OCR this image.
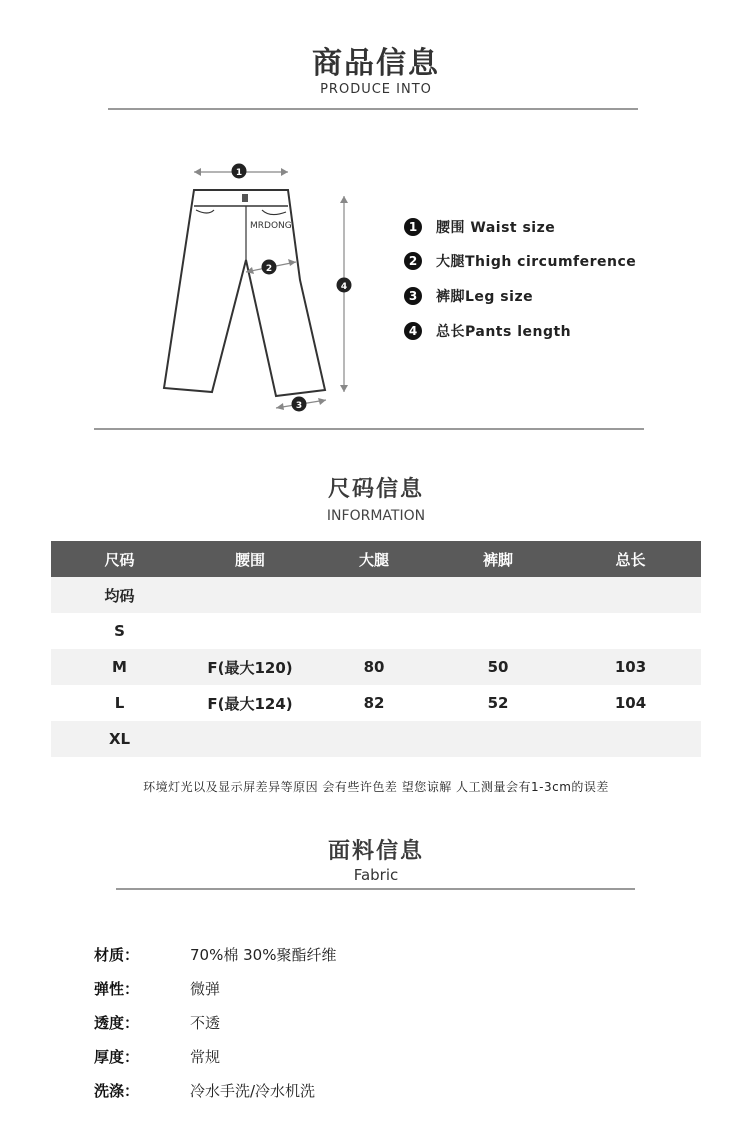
商品信息
PRODUCE INTO
MRDONG
1
2
3
4
1	腰围 Waist size
2	大腿Thigh circumference
3	裤脚Leg size
4	总长Pants length
尺码信息
INFORMATION
尺码	腰围	大腿	裤脚	总长
均码				
S				
M	F(最大120)	80	50	103
L	F(最大124)	82	52	104
XL				
环境灯光以及显示屏差异等原因 会有些许色差 望您谅解 人工测量会有1-3cm的误差
面料信息
Fabric
材质：	70%棉 30%聚酯纤维
弹性：	微弹
透度：	不透
厚度：	常规
洗涤：	冷水手洗/冷水机洗
